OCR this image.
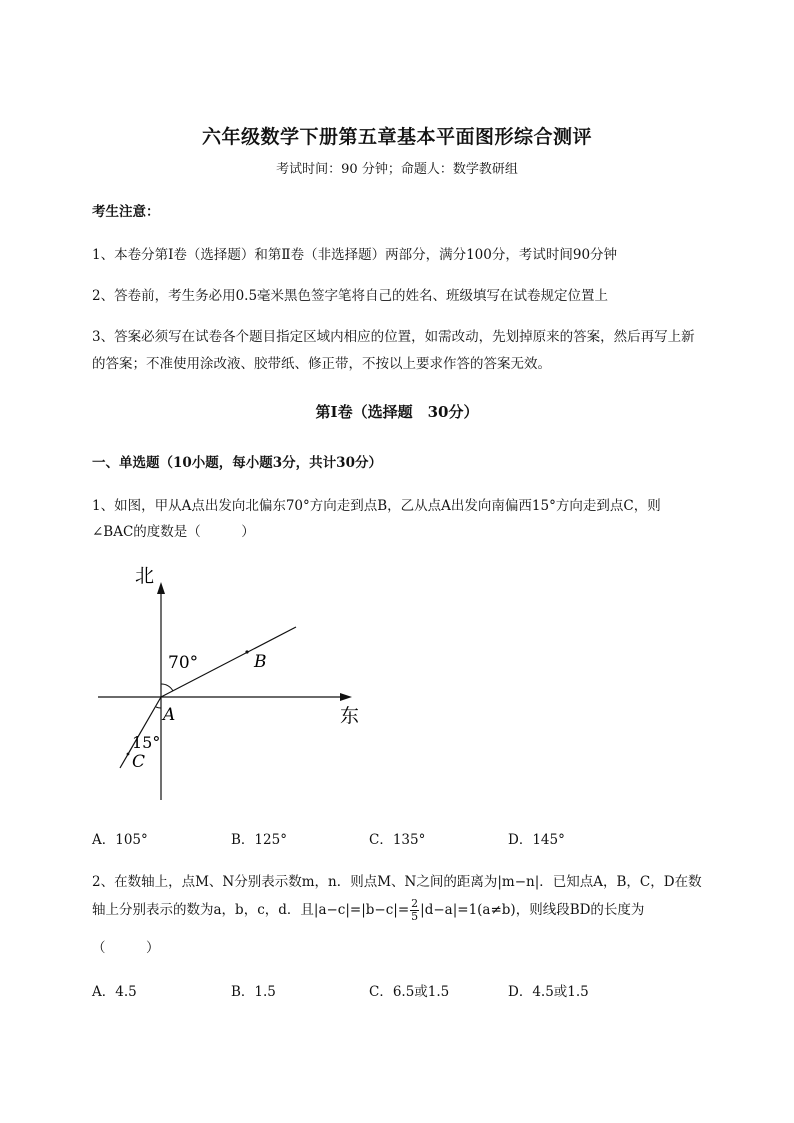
六年级数学下册第五章基本平面图形综合测评
考试时间：90 分钟；命题人：数学教研组
考生注意：
1、本卷分第Ⅰ卷（选择题）和第Ⅱ卷（非选择题）两部分，满分100分，考试时间90分钟
2、答卷前，考生务必用0.5毫米黑色签字笔将自己的姓名、班级填写在试卷规定位置上
3、答案必须写在试卷各个题目指定区域内相应的位置，如需改动，先划掉原来的答案，然后再写上新
的答案；不准使用涂改液、胶带纸、修正带，不按以上要求作答的答案无效。
第Ⅰ卷（选择题　30分）
一、单选题（10小题，每小题3分，共计30分）
1、如图，甲从A点出发向北偏东70°方向走到点B，乙从点A出发向南偏西15°方向走到点C，则
∠BAC的度数是（　　　）
北
东
70°	B
A
15°
C
A．105°	B．125°	C．135°	D．145°
2、在数轴上，点M、N分别表示数m，n．则点M、N之间的距离为|m−n|．已知点A，B，C，D在数
轴上分别表示的数为a，b，c，d．且$|a-c|=|b-c|= \frac{2}{5} |d-a|=1(a\ne b)$，则线段BD的长度为
（　　　）
A．4.5	B．1.5	C．6.5或1.5	D．4.5或1.5
